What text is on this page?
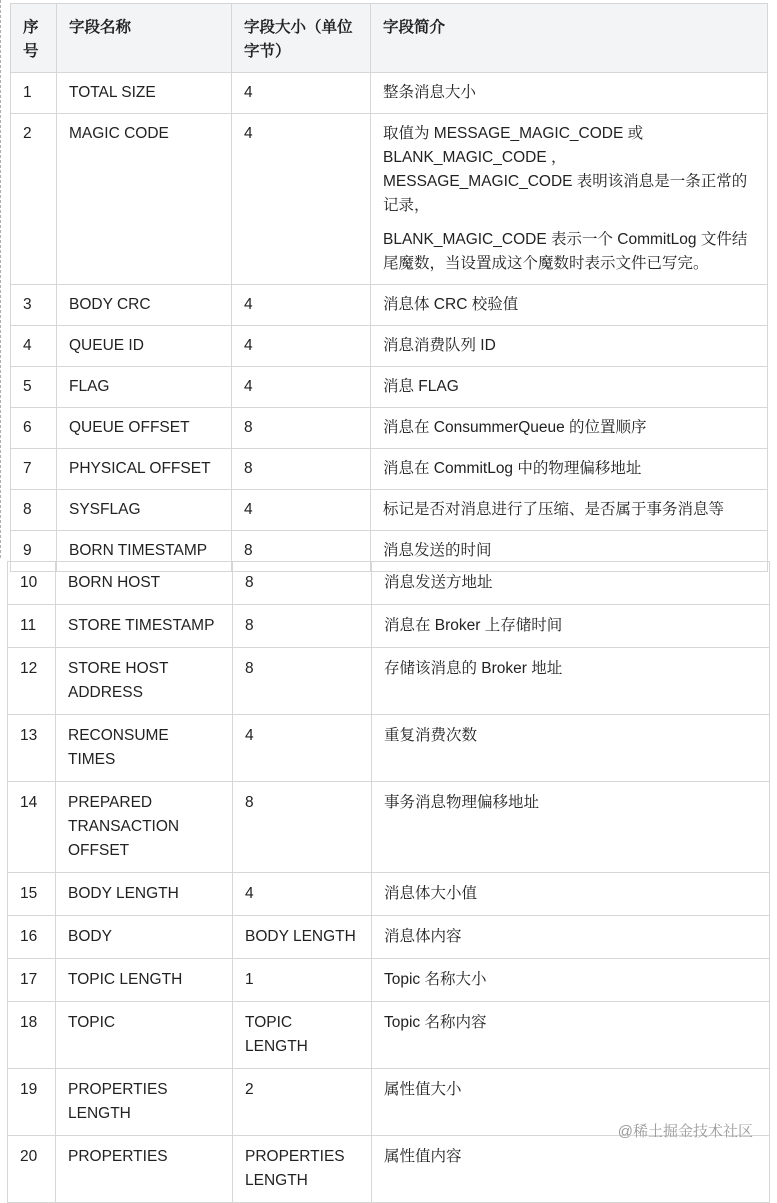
序号	字段名称	字段大小（单位 字节）	字段简介
1	TOTAL SIZE	4	整条消息大小
2	MAGIC CODE	4	取值为 MESSAGE_MAGIC_CODE 或 BLANK_MAGIC_CODE ， MESSAGE_MAGIC_CODE 表明该消息是一条正常的记录，
BLANK_MAGIC_CODE 表示一个 CommitLog 文件结尾魔数，当设置成这个魔数时表示文件已写完。

3	BODY CRC	4	消息体 CRC 校验值
4	QUEUE ID	4	消息消费队列 ID
5	FLAG	4	消息 FLAG
6	QUEUE OFFSET	8	消息在 ConsummerQueue 的位置顺序
7	PHYSICAL OFFSET	8	消息在 CommitLog 中的物理偏移地址
8	SYSFLAG	4	标记是否对消息进行了压缩、是否属于事务消息等
9	BORN TIMESTAMP	8	消息发送的时间
10	BORN HOST	8	消息发送方地址
11	STORE TIMESTAMP	8	消息在 Broker 上存储时间
12	STORE HOST ADDRESS	8	存储该消息的 Broker 地址
13	RECONSUME TIMES	4	重复消费次数
14	PREPARED TRANSACTION OFFSET	8	事务消息物理偏移地址
15	BODY LENGTH	4	消息体大小值
16	BODY	BODY LENGTH	消息体内容
17	TOPIC LENGTH	1	Topic 名称大小
18	TOPIC	TOPIC LENGTH	Topic 名称内容
19	PROPERTIES LENGTH	2	属性值大小
20	PROPERTIES	PROPERTIES LENGTH	属性值内容
@稀土掘金技术社区
